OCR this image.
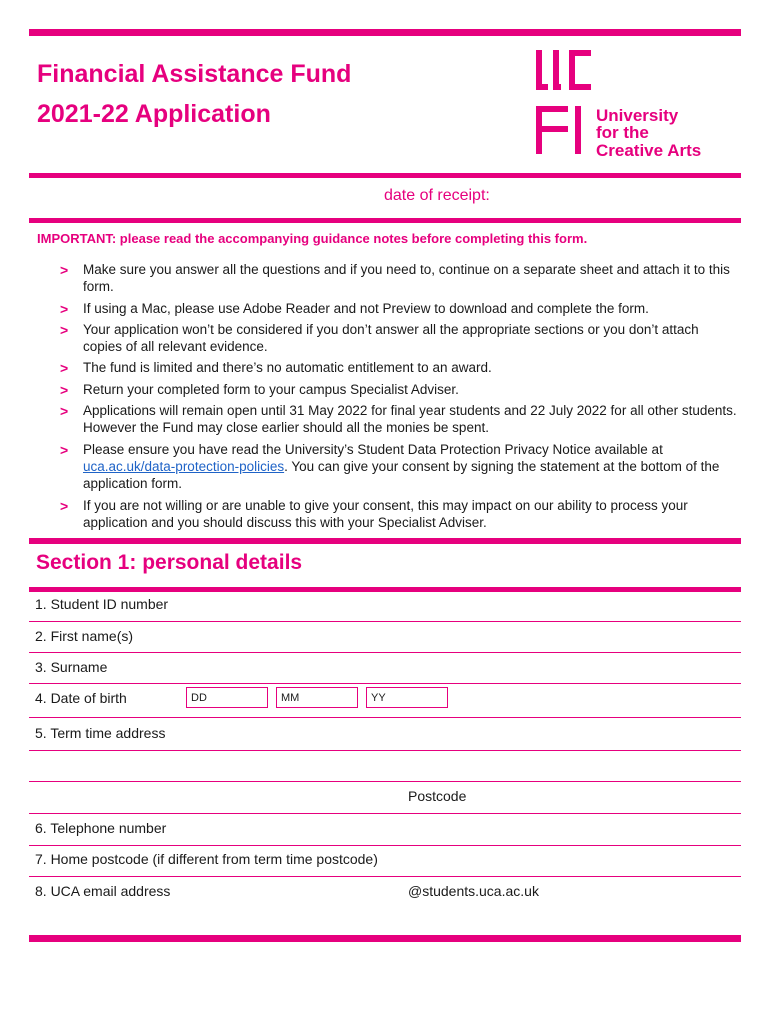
Financial Assistance Fund
2021-22 Application	University
for the
Creative Arts
date of receipt:
IMPORTANT: please read the accompanying guidance notes before completing this form.
> Make sure you answer all the questions and if you need to, continue on a separate sheet and attach it to this form.
> If using a Mac, please use Adobe Reader and not Preview to download and complete the form.
> Your application won’t be considered if you don’t answer all the appropriate sections or you don’t attach copies of all relevant evidence.
> The fund is limited and there’s no automatic entitlement to an award.
> Return your completed form to your campus Specialist Adviser.
> Applications will remain open until 31 May 2022 for final year students and 22 July 2022 for all other students. However the Fund may close earlier should all the monies be spent.
> Please ensure you have read the University’s Student Data Protection Privacy Notice available at uca.ac.uk/data-protection-policies. You can give your consent by signing the statement at the bottom of the application form.
> If you are not willing or are unable to give your consent, this may impact on our ability to process your application and you should discuss this with your Specialist Adviser.
Section 1: personal details
1. Student ID number
2. First name(s)
3. Surname
4. Date of birth	DD	MM	YY
5. Term time address
Postcode
6. Telephone number
7. Home postcode (if different from term time postcode)
8. UCA email address	@students.uca.ac.uk
